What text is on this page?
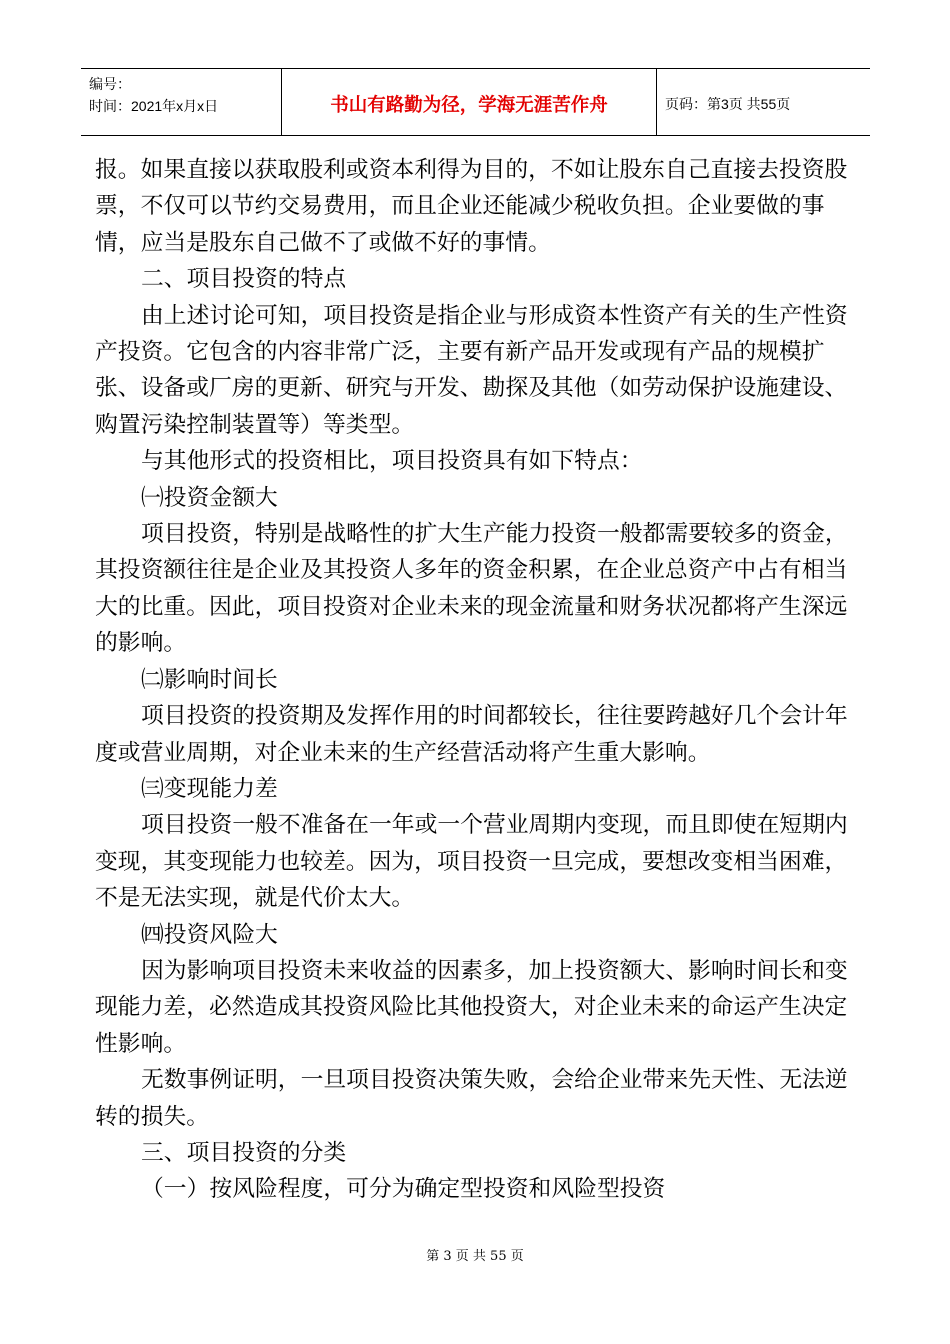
编号：
时间：2021年x月x日	书山有路勤为径，学海无涯苦作舟	页码：第3页 共55页

报。如果直接以获取股利或资本利得为目的，不如让股东自己直接去投资股票，不仅可以节约交易费用，而且企业还能减少税收负担。企业要做的事情，应当是股东自己做不了或做不好的事情。

二、项目投资的特点

由上述讨论可知，项目投资是指企业与形成资本性资产有关的生产性资产投资。它包含的内容非常广泛，主要有新产品开发或现有产品的规模扩张、设备或厂房的更新、研究与开发、勘探及其他（如劳动保护设施建设、购置污染控制装置等）等类型。

与其他形式的投资相比，项目投资具有如下特点：

㈠投资金额大

项目投资，特别是战略性的扩大生产能力投资一般都需要较多的资金，其投资额往往是企业及其投资人多年的资金积累，在企业总资产中占有相当大的比重。因此，项目投资对企业未来的现金流量和财务状况都将产生深远的影响。

㈡影响时间长

项目投资的投资期及发挥作用的时间都较长，往往要跨越好几个会计年度或营业周期，对企业未来的生产经营活动将产生重大影响。

㈢变现能力差

项目投资一般不准备在一年或一个营业周期内变现，而且即使在短期内变现，其变现能力也较差。因为，项目投资一旦完成，要想改变相当困难，不是无法实现，就是代价太大。

㈣投资风险大

因为影响项目投资未来收益的因素多，加上投资额大、影响时间长和变现能力差，必然造成其投资风险比其他投资大，对企业未来的命运产生决定性影响。

无数事例证明，一旦项目投资决策失败，会给企业带来先天性、无法逆转的损失。

三、项目投资的分类

（一）按风险程度，可分为确定型投资和风险型投资

第 3 页 共 55 页
